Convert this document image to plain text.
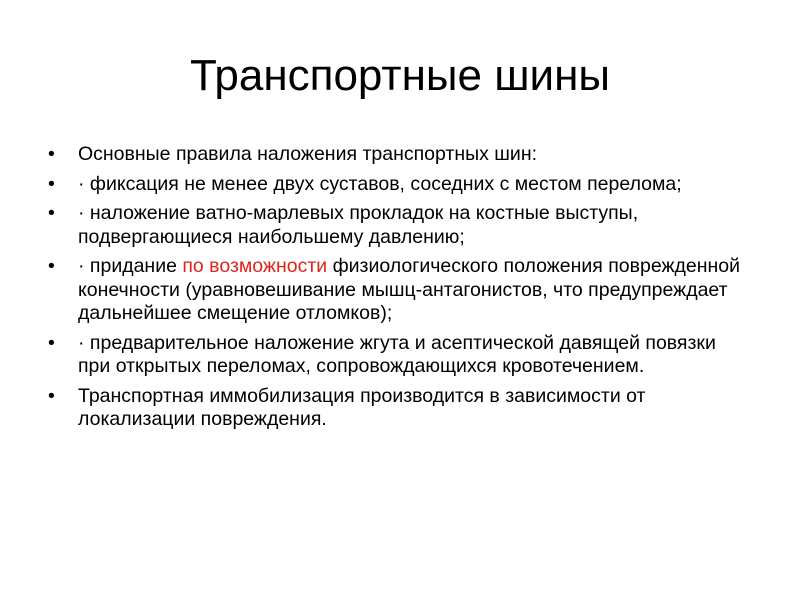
Транспортные шины
•	Основные правила наложения транспортных шин:
•	· фиксация не менее двух суставов, соседних с местом перелома;
•	· наложение ватно-марлевых прокладок на костные выступы, подвергающиеся наибольшему давлению;
•	· придание по возможности физиологического положения поврежденной конечности (уравновешивание мышц-антагонистов, что предупреждает дальнейшее смещение отломков);
•	· предварительное наложение жгута и асептической давящей повязки при открытых переломах, сопровождающихся кровотечением.
•	Транспортная иммобилизация производится в зависимости от локализации повреждения.
